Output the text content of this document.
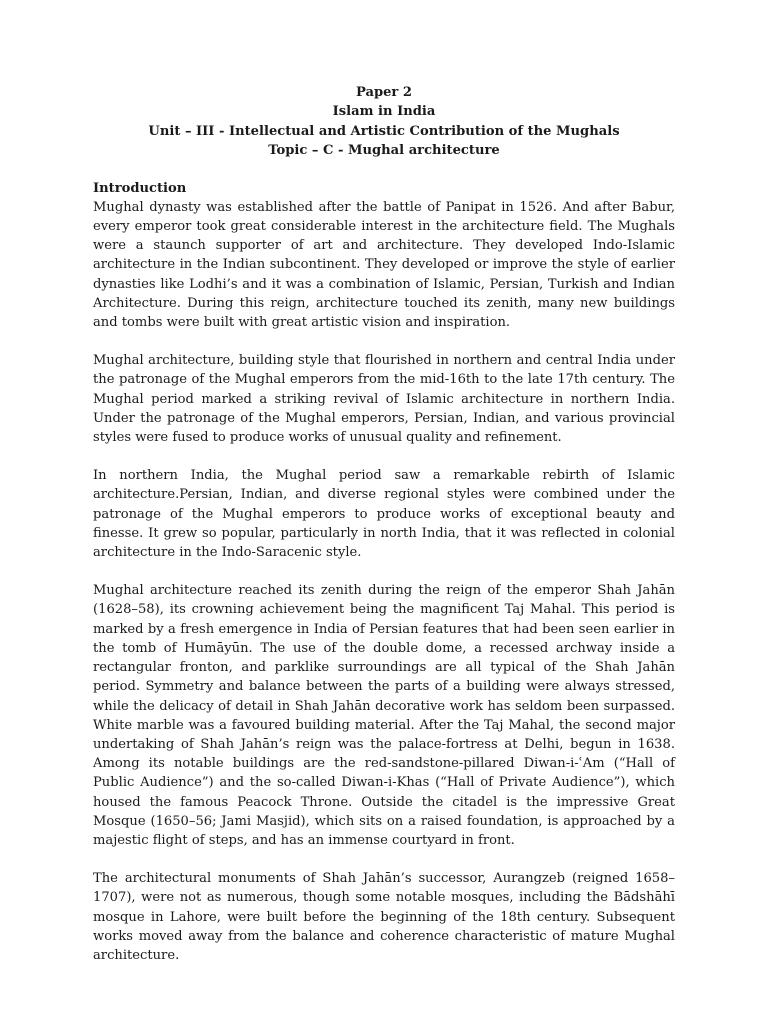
Paper 2
Islam in India
Unit – III - Intellectual and Artistic Contribution of the Mughals
Topic – C - Mughal architecture
Introduction

Mughal dynasty was established after the battle of Panipat in 1526. And after Babur, every emperor took great considerable interest in the architecture field. The Mughals were a staunch supporter of art and architecture. They developed Indo-Islamic architecture in the Indian subcontinent. They developed or improve the style of earlier dynasties like Lodhi’s and it was a combination of Islamic, Persian, Turkish and Indian Architecture. During this reign, architecture touched its zenith, many new buildings and tombs were built with great artistic vision and inspiration.

Mughal architecture, building style that flourished in northern and central India under the patronage of the Mughal emperors from the mid-16th to the late 17th century. The Mughal period marked a striking revival of Islamic architecture in northern India. Under the patronage of the Mughal emperors, Persian, Indian, and various provincial styles were fused to produce works of unusual quality and refinement.

In northern India, the Mughal period saw a remarkable rebirth of Islamic architecture.Persian, Indian, and diverse regional styles were combined under the patronage of the Mughal emperors to produce works of exceptional beauty and finesse. It grew so popular, particularly in north India, that it was reflected in colonial architecture in the Indo-Saracenic style.

Mughal architecture reached its zenith during the reign of the emperor Shah Jahān (1628–58), its crowning achievement being the magnificent Taj Mahal. This period is marked by a fresh emergence in India of Persian features that had been seen earlier in the tomb of Humāyūn. The use of the double dome, a recessed archway inside a rectangular fronton, and parklike surroundings are all typical of the Shah Jahān period. Symmetry and balance between the parts of a building were always stressed, while the delicacy of detail in Shah Jahān decorative work has seldom been surpassed. White marble was a favoured building material. After the Taj Mahal, the second major undertaking of Shah Jahān’s reign was the palace-fortress at Delhi, begun in 1638. Among its notable buildings are the red-sandstone-pillared Diwan-i-ʿAm (“Hall of Public Audience”) and the so-called Diwan-i-Khas (“Hall of Private Audience”), which housed the famous Peacock Throne. Outside the citadel is the impressive Great Mosque (1650–56; Jami Masjid), which sits on a raised foundation, is approached by a majestic flight of steps, and has an immense courtyard in front.

The architectural monuments of Shah Jahān’s successor, Aurangzeb (reigned 1658–1707), were not as numerous, though some notable mosques, including the Bādshāhī mosque in Lahore, were built before the beginning of the 18th century. Subsequent works moved away from the balance and coherence characteristic of mature Mughal architecture.
